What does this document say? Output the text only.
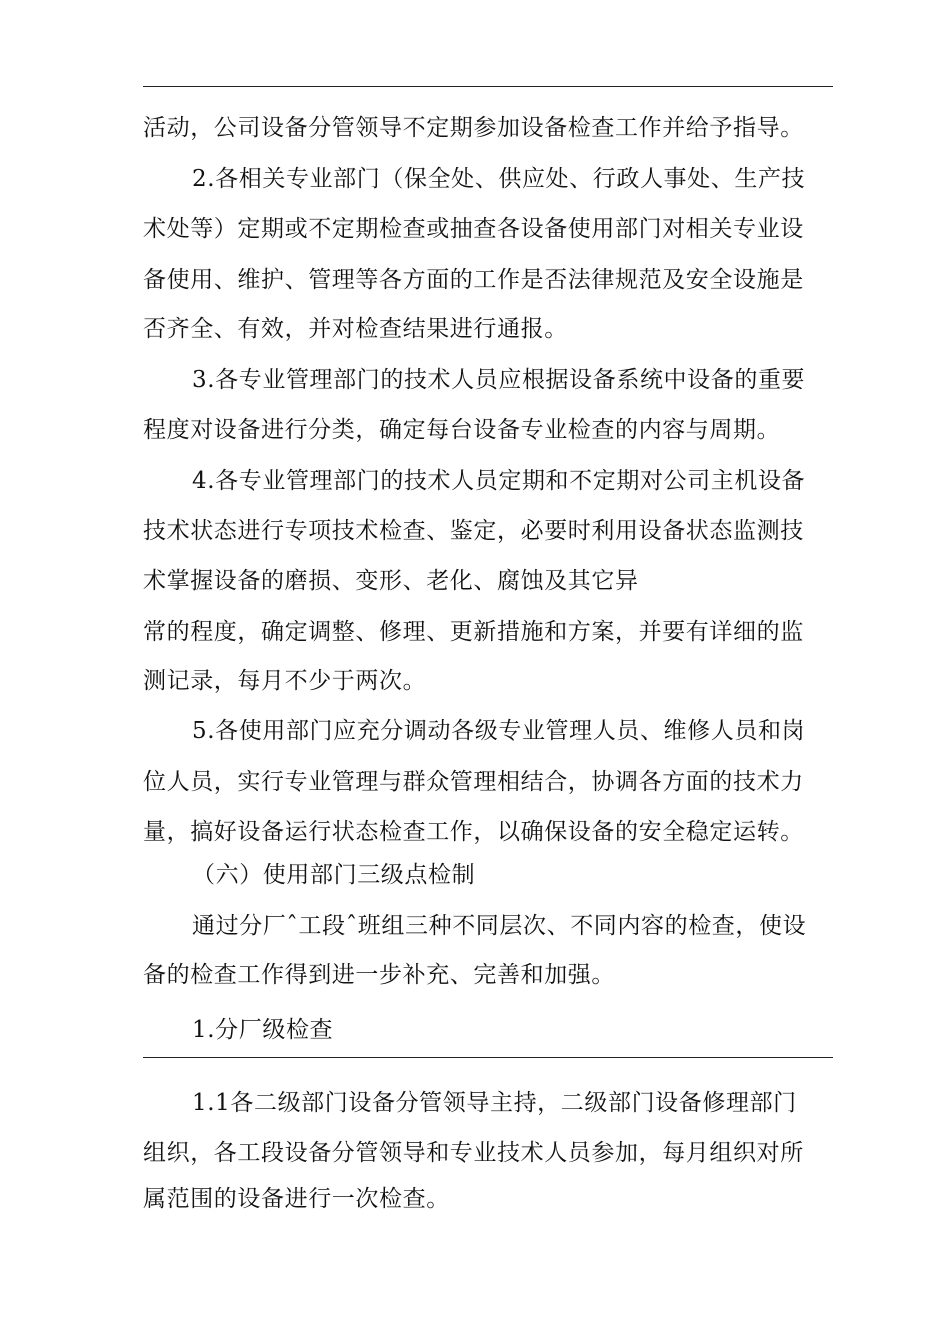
活动，公司设备分管领导不定期参加设备检查工作并给予指导。
2.各相关专业部门（保全处、供应处、行政人事处、生产技
术处等）定期或不定期检查或抽查各设备使用部门对相关专业设
备使用、维护、管理等各方面的工作是否法律规范及安全设施是
否齐全、有效，并对检查结果进行通报。
3.各专业管理部门的技术人员应根据设备系统中设备的重要
程度对设备进行分类，确定每台设备专业检查的内容与周期。
4.各专业管理部门的技术人员定期和不定期对公司主机设备
技术状态进行专项技术检查、鉴定，必要时利用设备状态监测技
术掌握设备的磨损、变形、老化、腐蚀及其它异
常的程度，确定调整、修理、更新措施和方案，并要有详细的监
测记录，每月不少于两次。
5.各使用部门应充分调动各级专业管理人员、维修人员和岗
位人员，实行专业管理与群众管理相结合，协调各方面的技术力
量，搞好设备运行状态检查工作，以确保设备的安全稳定运转。
（六）使用部门三级点检制
通过分厂ˆ工段ˆ班组三种不同层次、不同内容的检查，使设
备的检查工作得到进一步补充、完善和加强。
1.分厂级检查
1.1各二级部门设备分管领导主持，二级部门设备修理部门
组织，各工段设备分管领导和专业技术人员参加，每月组织对所
属范围的设备进行一次检查。
